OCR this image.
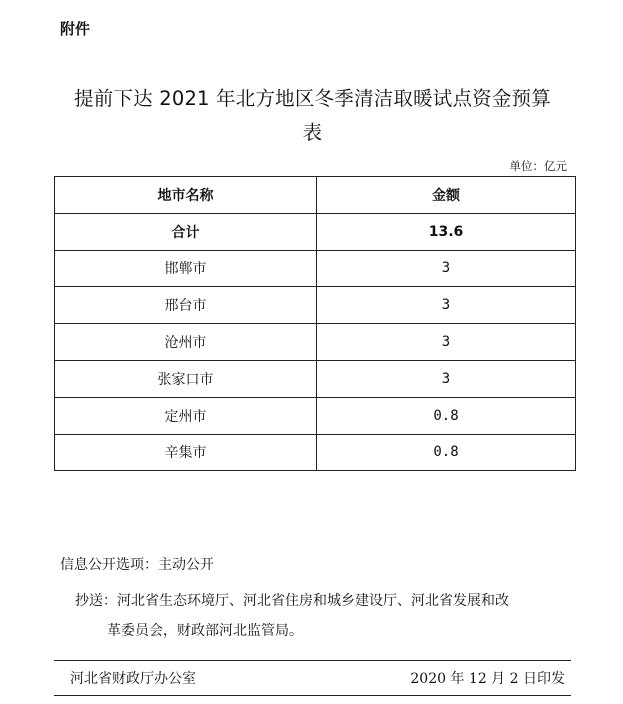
附件
提前下达 2021 年北方地区冬季清洁取暖试点资金预算
表
单位：亿元
地市名称	金额
合计	13.6
邯郸市	3
邢台市	3
沧州市	3
张家口市	3
定州市	0.8
辛集市	0.8
信息公开选项：主动公开
抄送：河北省生态环境厅、河北省住房和城乡建设厅、河北省发展和改
革委员会，财政部河北监管局。
河北省财政厅办公室	2020 年 12 月 2 日印发
